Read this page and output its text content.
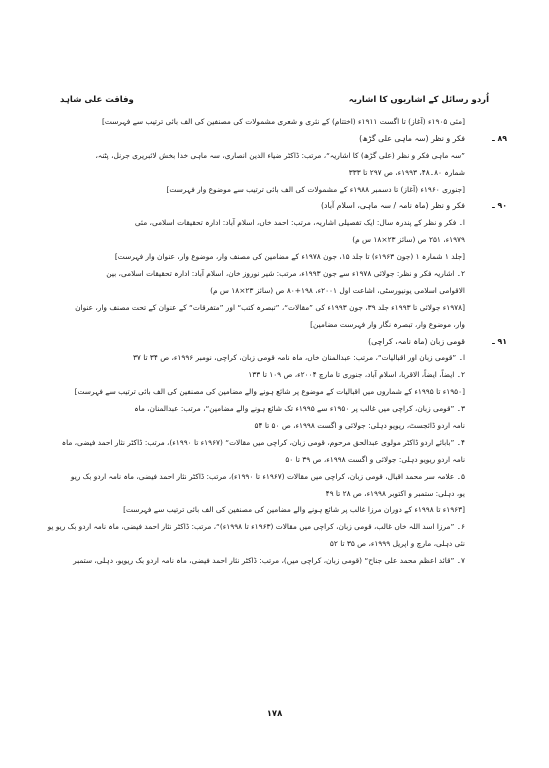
اُردو رسائل کے اشاریوں کا اشاریہ
وفاقت علی شاہد
[مئی ۱۹۰۵ء (آغاز) تا اگست ۱۹۱۱ء (اختتام) کے نثری و شعری مشمولات کی مصنفین کی الف بائی ترتیب سے فہرست]
۸۹ ـ
فکر و نظر (سہ ماہی علی گڑھ)
”سہ ماہی فکر و نظر (علی گڑھ) کا اشاریہ“، مرتب: ڈاکٹر ضیاء الدین انصاری، سہ ماہی خدا بخش لائبریری جرنل، پٹنہ،
شمارہ ۸۰۔۴۸، ۱۹۹۳ء، ص ۲۹۷ تا ۳۳۳
[جنوری ۱۹۶۰ء (آغاز) تا دسمبر ۱۹۸۸ء کے مشمولات کی الف بائی ترتیب سے موضوع وار فہرست]
۹۰ ـ
فکر و نظر (ماہ نامہ / سہ ماہی، اسلام آباد)
ا۔ فکر و نظر کے پندرہ سال: ایک تفصیلی اشاریہ، مرتب: احمد خاں، اسلام آباد: ادارہ تحقیقات اسلامی، مئی
۱۹۷۹ء، ۲۵۱ ص (سائز ۲۳×۱۸ س م)
[جلد ۱ شمارہ ۱ (جون ۱۹۶۳ء) تا جلد ۱۵، جون ۱۹۷۸ء کے مضامین کی مصنف وار، موضوع وار، عنوان وار فہرست]
۲۔ اشاریہ فکر و نظر: جولائی ۱۹۷۸ء سے جون ۱۹۹۳ء، مرتب: شیر نوروز خان، اسلام آباد: ادارہ تحقیقات اسلامی، بین
الاقوامی اسلامی یونیورسٹی، اشاعت اول ۲۰۰۱ء، ۱۹۸+۸۰ ص (سائز ۲۳×۱۸ س م)
[۱۹۷۸ء جولائی تا ۱۹۹۳ء جلد ۳۹، جون ۱۹۹۳ء کی ”مقالات“، ”تبصرہ کتب“ اور ”متفرقات“ کے عنوان کے تحت مصنف وار، عنوان
وار، موضوع وار، تبصرہ نگار وار فہرست مضامین]
۹۱ ـ
قومی زبان (ماہ نامہ، کراچی)
ا۔ ”قومی زبان اور اقبالیات“، مرتب: عبدالمنان خاں، ماہ نامہ قومی زبان، کراچی، نومبر ۱۹۹۶ء، ص ۳۴ تا ۳۷
۲۔ ایضاً، ایضاً، الاقربا، اسلام آباد، جنوری تا مارچ ۲۰۰۴ء، ص ۱۰۹ تا ۱۳۳
[۱۹۵۰ء تا ۱۹۹۵ء کے شماروں میں اقبالیات کے موضوع پر شائع ہونے والے مضامین کی مصنفین کی الف بائی ترتیب سے فہرست]
۳۔ ”قومی زبان، کراچی میں غالب پر ۱۹۵۰ء سے ۱۹۹۵ء تک شائع ہونے والے مضامین“، مرتب: عبدالمنان، ماہ
نامہ اردو ڈائجسٹ، ریویو دہلی: جولائی و اگست ۱۹۹۸ء، ص ۵۰ تا ۵۴
۴۔ ”بابائے اردو ڈاکٹر مولوی عبدالحق مرحوم، قومی زبان، کراچی میں مقالات“ (۱۹۶۷ء تا ۱۹۹۰ء)، مرتب: ڈاکٹر نثار احمد فیضی، ماہ
نامہ اردو ریویو دہلی: جولائی و اگست ۱۹۹۸ء، ص ۳۹ تا ۵۰
۵۔ علامہ سر محمد اقبال، قومی زبان، کراچی میں مقالات (۱۹۶۷ء تا ۱۹۹۰ء)، مرتب: ڈاکٹر نثار احمد فیضی، ماہ نامہ اردو بک ریو
یو، دہلی: ستمبر و اکتوبر ۱۹۹۸ء، ص ۲۸ تا ۴۹
[۱۹۶۳ء تا ۱۹۹۸ء کے دوران مرزا غالب پر شائع ہونے والے مضامین کی مصنفین کی الف بائی ترتیب سے فہرست]
۶۔ ”مرزا اسد اللہ خاں غالب، قومی زبان، کراچی میں مقالات (۱۹۶۳ء تا ۱۹۹۸ء)“، مرتب: ڈاکٹر نثار احمد فیضی، ماہ نامہ اردو بک ریو یو
نئی دہلی، مارچ و اپریل ۱۹۹۹ء، ص ۳۵ تا ۵۲
۷۔ ”قائد اعظم محمد علی جناح“ (قومی زبان، کراچی میں)، مرتب: ڈاکٹر نثار احمد فیضی، ماہ نامہ اردو بک ریویو، دہلی، ستمبر
۱۷۸
